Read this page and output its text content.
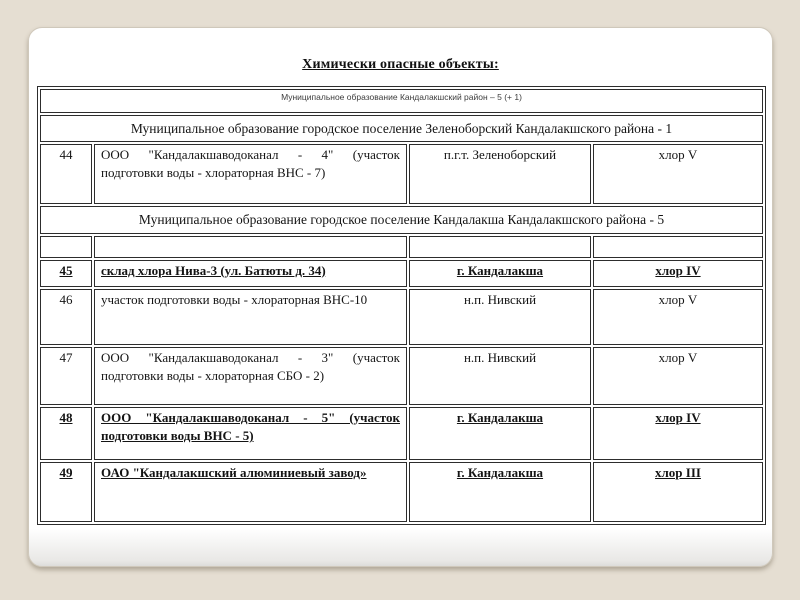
Химически опасные объекты:
Муниципальное образование Кандалакшский район – 5 (+ 1)			
Муниципальное образование городское поселение Зеленоборский Кандалакшского района - 1			
44	ООО "Кандалакшаводоканал - 4" (участок подготовки воды - хлораторная ВНС - 7)	п.г.т. Зеленоборский	хлор V
Муниципальное образование городское поселение Кандалакша Кандалакшского района - 5			

45	склад хлора Нива-3 (ул. Батюты д. 34)	г. Кандалакша	хлор IV
46	участок подготовки воды - хлораторная ВНС-10	н.п. Нивский	хлор V
47	ООО "Кандалакшаводоканал - 3" (участок подготовки воды - хлораторная СБО - 2)	н.п. Нивский	хлор V
48	ООО "Кандалакшаводоканал - 5" (участок подготовки воды ВНС - 5)	г. Кандалакша	хлор IV
49	ОАО "Кандалакшский алюминиевый завод»	г. Кандалакша	хлор III
